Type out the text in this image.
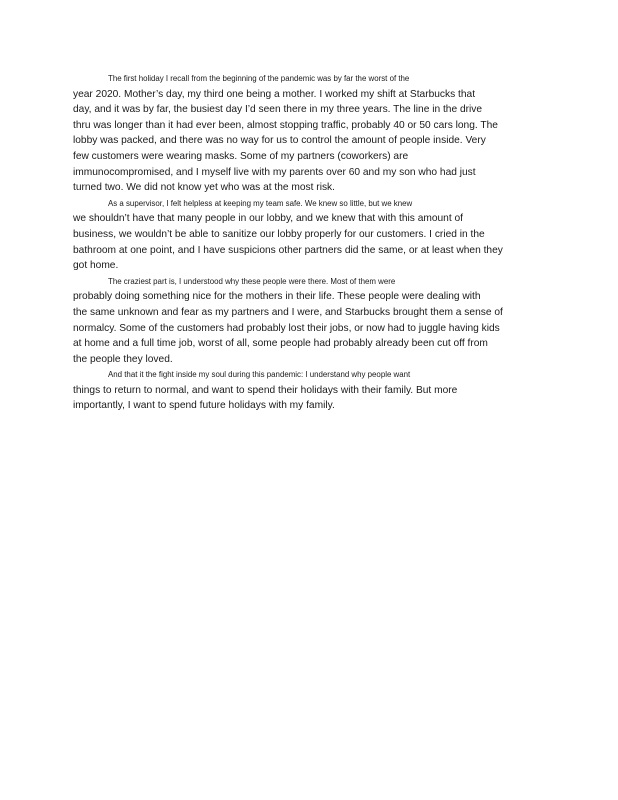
The first holiday I recall from the beginning of the pandemic was by far the worst of the
year 2020. Mother’s day, my third one being a mother. I worked my shift at Starbucks that
day, and it was by far, the busiest day I’d seen there in my three years. The line in the drive
thru was longer than it had ever been, almost stopping traffic, probably 40 or 50 cars long. The
lobby was packed, and there was no way for us to control the amount of people inside. Very
few customers were wearing masks. Some of my partners (coworkers) are
immunocompromised, and I myself live with my parents over 60 and my son who had just
turned two. We did not know yet who was at the most risk.
As a supervisor, I felt helpless at keeping my team safe. We knew so little, but we knew
we shouldn’t have that many people in our lobby, and we knew that with this amount of
business, we wouldn’t be able to sanitize our lobby properly for our customers. I cried in the
bathroom at one point, and I have suspicions other partners did the same, or at least when they
got home.
The craziest part is, I understood why these people were there. Most of them were
probably doing something nice for the mothers in their life. These people were dealing with
the same unknown and fear as my partners and I were, and Starbucks brought them a sense of
normalcy. Some of the customers had probably lost their jobs, or now had to juggle having kids
at home and a full time job, worst of all, some people had probably already been cut off from
the people they loved.
And that it the fight inside my soul during this pandemic: I understand why people want
things to return to normal, and want to spend their holidays with their family. But more
importantly, I want to spend future holidays with my family.
